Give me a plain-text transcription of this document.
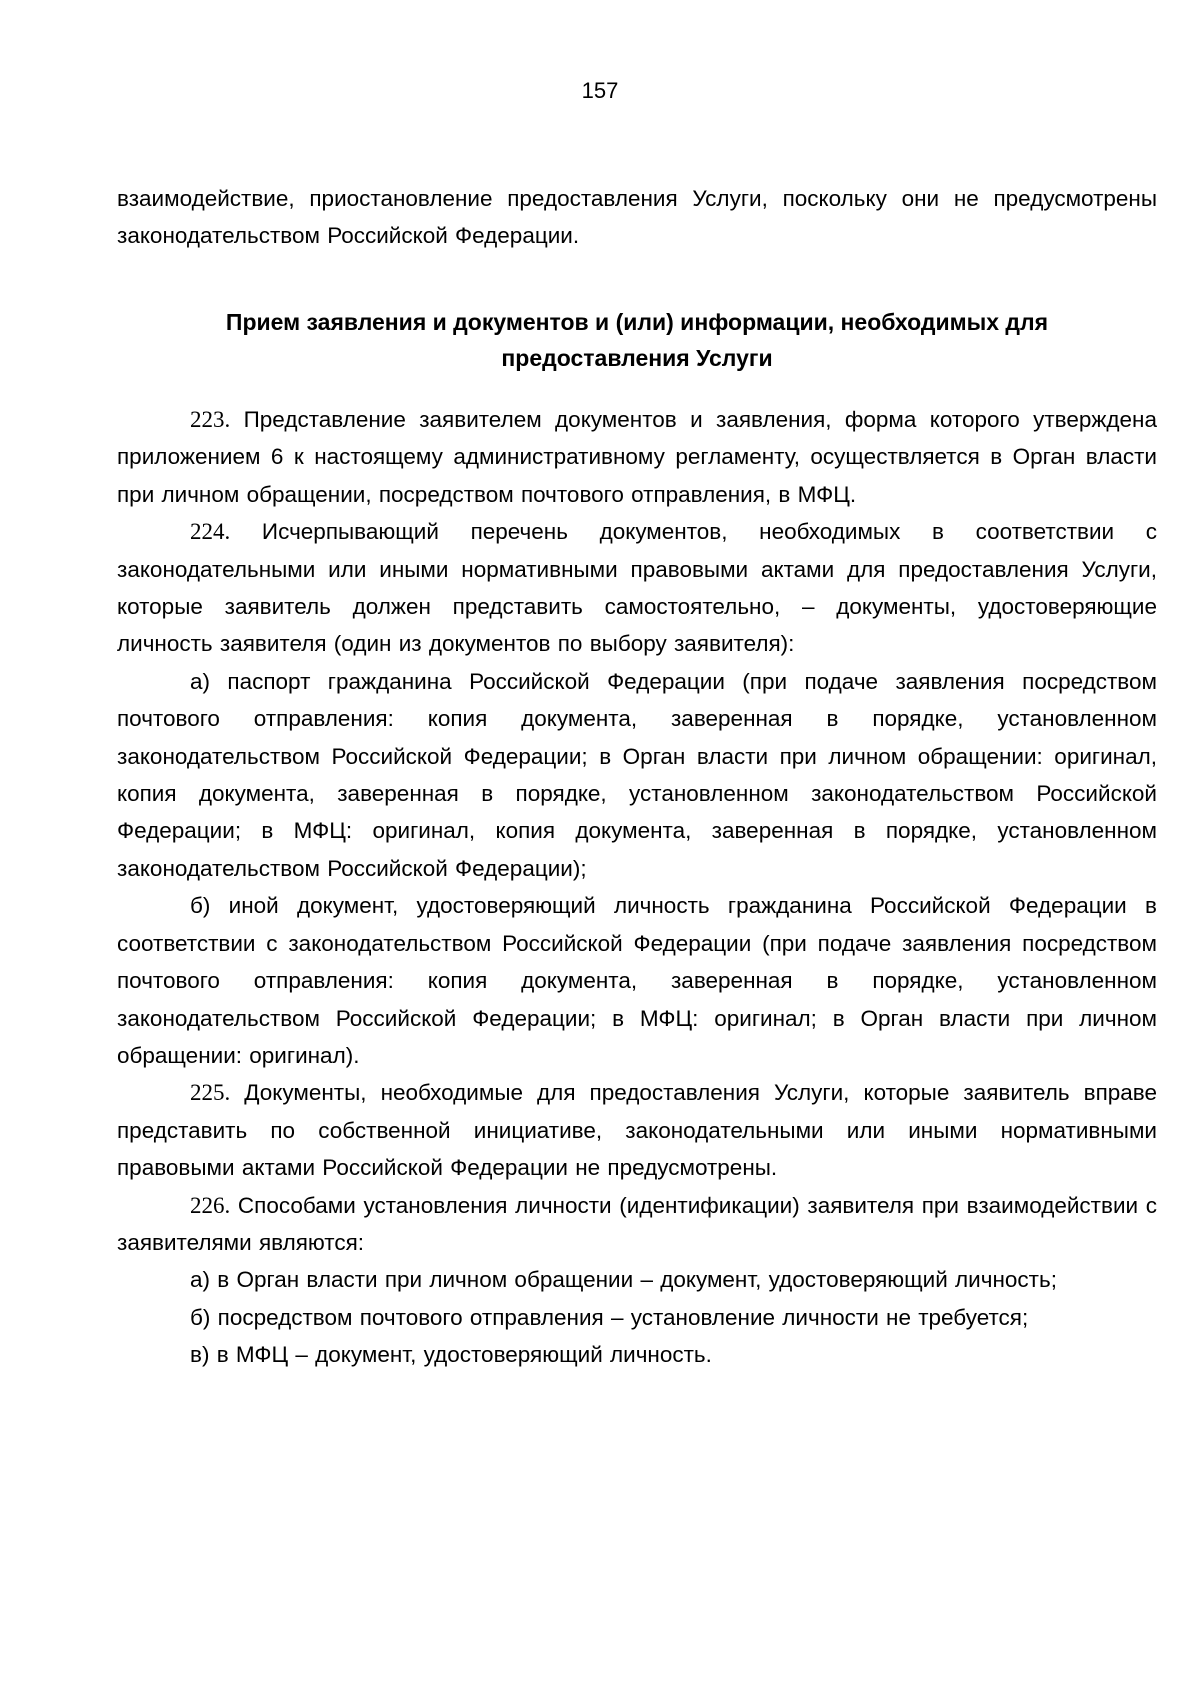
157

взаимодействие, приостановление предоставления Услуги, поскольку они не предусмотрены законодательством Российской Федерации.

Прием заявления и документов и (или) информации, необходимых для
предоставления Услуги

223. Представление заявителем документов и заявления, форма которого утверждена приложением 6 к настоящему административному регламенту, осуществляется в Орган власти при личном обращении, посредством почтового отправления, в МФЦ.

224. Исчерпывающий перечень документов, необходимых в соответствии с законодательными или иными нормативными правовыми актами для предоставления Услуги, которые заявитель должен представить самостоятельно, – документы, удостоверяющие личность заявителя (один из документов по выбору заявителя):

а) паспорт гражданина Российской Федерации (при подаче заявления посредством почтового отправления: копия документа, заверенная в порядке, установленном законодательством Российской Федерации; в Орган власти при личном обращении: оригинал, копия документа, заверенная в порядке, установленном законодательством Российской Федерации; в МФЦ: оригинал, копия документа, заверенная в порядке, установленном законодательством Российской Федерации);

б) иной документ, удостоверяющий личность гражданина Российской Федерации в соответствии с законодательством Российской Федерации (при подаче заявления посредством почтового отправления: копия документа, заверенная в порядке, установленном законодательством Российской Федерации; в МФЦ: оригинал; в Орган власти при личном обращении: оригинал).

225. Документы, необходимые для предоставления Услуги, которые заявитель вправе представить по собственной инициативе, законодательными или иными нормативными правовыми актами Российской Федерации не предусмотрены.

226. Способами установления личности (идентификации) заявителя при взаимодействии с заявителями являются:

а) в Орган власти при личном обращении – документ, удостоверяющий личность;

б) посредством почтового отправления – установление личности не требуется;

в) в МФЦ – документ, удостоверяющий личность.
